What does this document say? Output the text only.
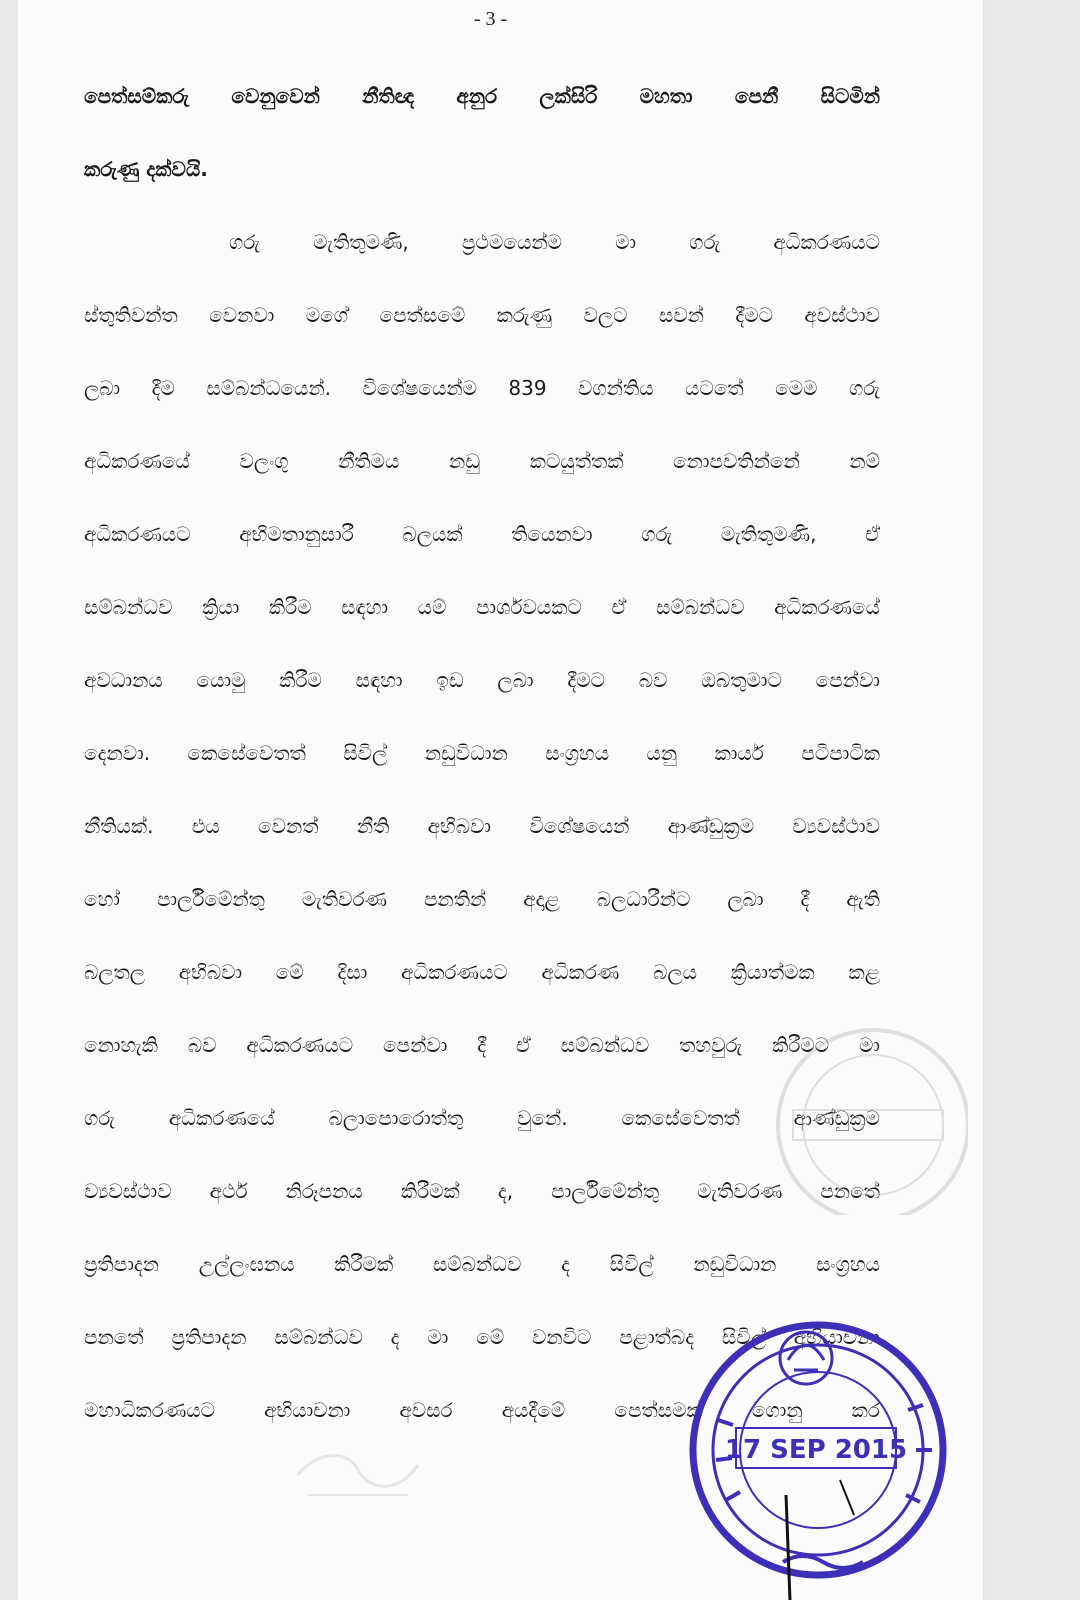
- 3 -
පෙත්සම්කරු වෙනුවෙන් නීතිඥ අනුර ලක්සිරි මහතා පෙනී සිටමින්
කරුණු දක්වයි.
ගරු මැතිතුමණි, ප්‍රථමයෙන්ම මා ගරු අධිකරණයට
ස්තුතිවන්ත වෙනවා මගේ පෙත්සමේ කරුණු වලට සවන් දීමට අවස්ථාව
ලබා දීම සම්බන්ධයෙන්. විශේෂයෙන්ම 839 වගන්තිය යටතේ මෙම ගරු
අධිකරණයේ වලංගු නීතිමය නඩු කටයුත්තක් නොපවතින්නේ නම්
අධිකරණයට අභිමතානුසාරී බලයක් තියෙනවා ගරු මැතිතුමණි, ඒ
සම්බන්ධව ක්‍රියා කිරීම සඳහා යම් පාර්ශවයකට ඒ සම්බන්ධව අධිකරණයේ
අවධානය යොමු කිරීම සඳහා ඉඩ ලබා දීමට බව ඔබතුමාට පෙන්වා
දෙනවා. කෙසේවෙතත් සිවිල් නඩුවිධාන සංග්‍රහය යනු කාර්ය පටිපාටික
නීතියක්. එය වෙනත් නීති අභිබවා විශේෂයෙන් ආණ්ඩුක්‍රම ව්‍යවස්ථාව
හෝ පාර්ලිමේන්තු මැතිවරණ පනතින් අදාළ බලධාරීන්ට ලබා දී ඇති
බලතල අභිබවා මේ දිසා අධිකරණයට අධිකරණ බලය ක්‍රියාත්මක කළ
නොහැකි බව අධිකරණයට පෙන්වා දී ඒ සම්බන්ධව තහවුරු කිරීමට මා
ගරු අධිකරණයේ බලාපොරොත්තු වුනේ. කෙසේවෙතත් ආණ්ඩුක්‍රම
ව්‍යවස්ථාව අර්ථ නිරූපනය කිරීමක් ද, පාර්ලිමේන්තු මැතිවරණ පනතේ
ප්‍රතිපාදන උල්ලංඝනය කිරීමක් සම්බන්ධව ද සිවිල් නඩුවිධාන සංග්‍රහය
පනතේ ප්‍රතිපාදන සම්බන්ධව ද මා මේ වනවිට පළාත්බද සිවිල් අභියාචනා
මහාධිකරණයට අභියාචනා අවසර අයදීමේ පෙත්සමක් ගොනු කර
17 SEP 2015
